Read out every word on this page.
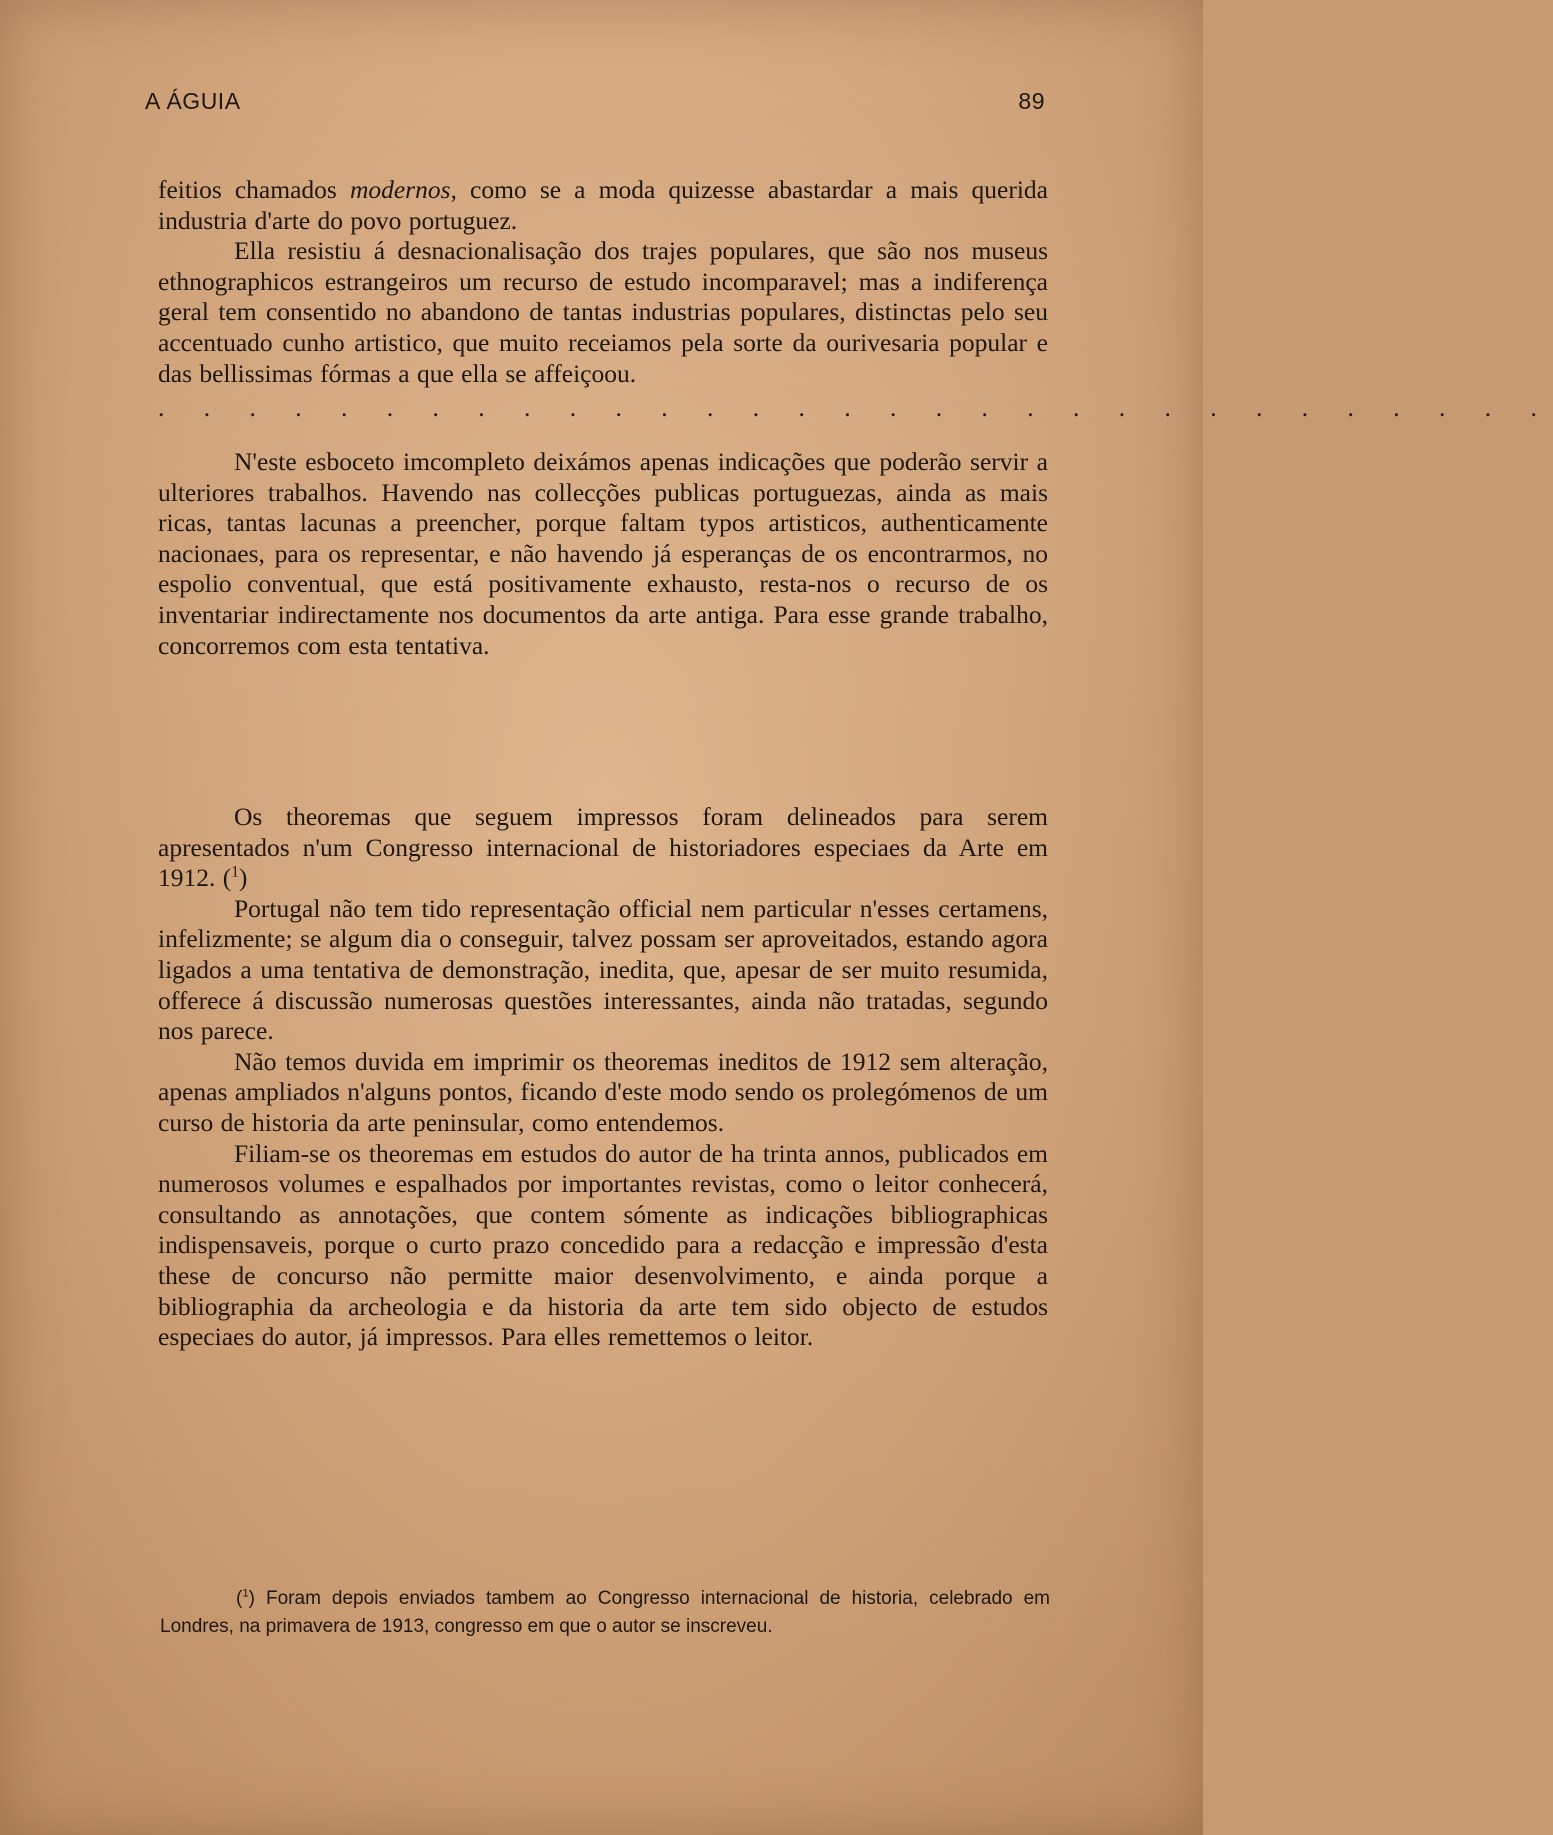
A ÁGUIA	89

feitios chamados modernos, como se a moda quizesse abastardar a mais querida industria d'arte do povo portuguez.

Ella resistiu á desnacionalisação dos trajes populares, que são nos museus ethnographicos estrangeiros um recurso de estudo incomparavel; mas a indiferença geral tem consentido no abandono de tantas industrias populares, distinctas pelo seu accentuado cunho artistico, que muito receiamos pela sorte da ourivesaria popular e das bellissimas fórmas a que ella se affeiçoou.

. . . . . . . . . . . . . . . . . . . . . . . . . . . . . . .

N'este esboceto imcompleto deixámos apenas indicações que poderão servir a ulteriores trabalhos. Havendo nas collecções publicas portuguezas, ainda as mais ricas, tantas lacunas a preencher, porque faltam typos artisticos, authenticamente nacionaes, para os representar, e não havendo já esperanças de os encontrarmos, no espolio conventual, que está positivamente exhausto, resta-nos o recurso de os inventariar indirectamente nos documentos da arte antiga. Para esse grande trabalho, concorremos com esta tentativa.

Os theoremas que seguem impressos foram delineados para serem apresentados n'um Congresso internacional de historiadores especiaes da Arte em 1912. ($^1$)

Portugal não tem tido representação official nem particular n'esses certamens, infelizmente; se algum dia o conseguir, talvez possam ser aproveitados, estando agora ligados a uma tentativa de demonstração, inedita, que, apesar de ser muito resumida, offerece á discussão numerosas questões interessantes, ainda não tratadas, segundo nos parece.

Não temos duvida em imprimir os theoremas ineditos de 1912 sem alteração, apenas ampliados n'alguns pontos, ficando d'este modo sendo os prolegómenos de um curso de historia da arte peninsular, como entendemos.

Filiam-se os theoremas em estudos do autor de ha trinta annos, publicados em numerosos volumes e espalhados por importantes revistas, como o leitor conhecerá, consultando as annotações, que contem sómente as indicações bibliographicas indispensaveis, porque o curto prazo concedido para a redacção e impressão d'esta these de concurso não permitte maior desenvolvimento, e ainda porque a bibliographia da archeologia e da historia da arte tem sido objecto de estudos especiaes do autor, já impressos. Para elles remettemos o leitor.

($^1$) Foram depois enviados tambem ao Congresso internacional de historia, celebrado em Londres, na primavera de 1913, congresso em que o autor se inscreveu.
